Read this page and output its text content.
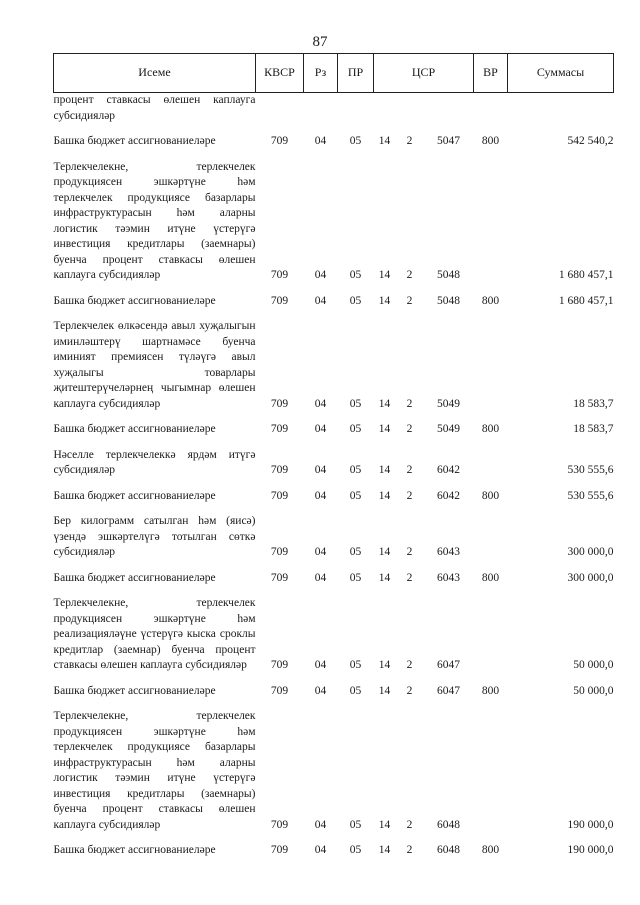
87
Исеме	КВСР	Рз	ПР	ЦСР			ВР	Суммасы
процент ставкасы өлешен каплауга субсидияләр								
Башка бюджет ассигнованиеләре	709	04	05	14	2	5047	800	542 540,2
Терлекчелекне, терлекчелек продукциясен эшкәртүне һәм терлекчелек продукциясе базарлары инфраструктурасын һәм аларны логистик тәэмин итүне үстерүгә инвестиция кредитлары (заемнары) буенча процент ставкасы өлешен каплауга субсидияләр	709	04	05	14	2	5048		1 680 457,1
Башка бюджет ассигнованиеләре	709	04	05	14	2	5048	800	1 680 457,1
Терлекчелек өлкәсендә авыл хуҗалыгын иминләштерү шартнамәсе буенча иминият премиясен түләүгә авыл хуҗалыгы товарлары җитештерүчеләрнең чыгымнар өлешен каплауга субсидияләр	709	04	05	14	2	5049		18 583,7
Башка бюджет ассигнованиеләре	709	04	05	14	2	5049	800	18 583,7
Нәселле терлекчелеккә ярдәм итүгә субсидияләр	709	04	05	14	2	6042		530 555,6
Башка бюджет ассигнованиеләре	709	04	05	14	2	6042	800	530 555,6
Бер килограмм сатылган һәм (яисә) үзендә эшкәртелүгә тотылган сөткә субсидияләр	709	04	05	14	2	6043		300 000,0
Башка бюджет ассигнованиеләре	709	04	05	14	2	6043	800	300 000,0
Терлекчелекне, терлекчелек продукциясен эшкәртүне һәм реализацияләүне үстерүгә кыска сроклы кредитлар (заемнар) буенча процент ставкасы өлешен каплауга субсидияләр	709	04	05	14	2	6047		50 000,0
Башка бюджет ассигнованиеләре	709	04	05	14	2	6047	800	50 000,0
Терлекчелекне, терлекчелек продукциясен эшкәртүне һәм терлекчелек продукциясе базарлары инфраструктурасын һәм аларны логистик тәэмин итүне үстерүгә инвестиция кредитлары (заемнары) буенча процент ставкасы өлешен каплауга субсидияләр	709	04	05	14	2	6048		190 000,0
Башка бюджет ассигнованиеләре	709	04	05	14	2	6048	800	190 000,0
